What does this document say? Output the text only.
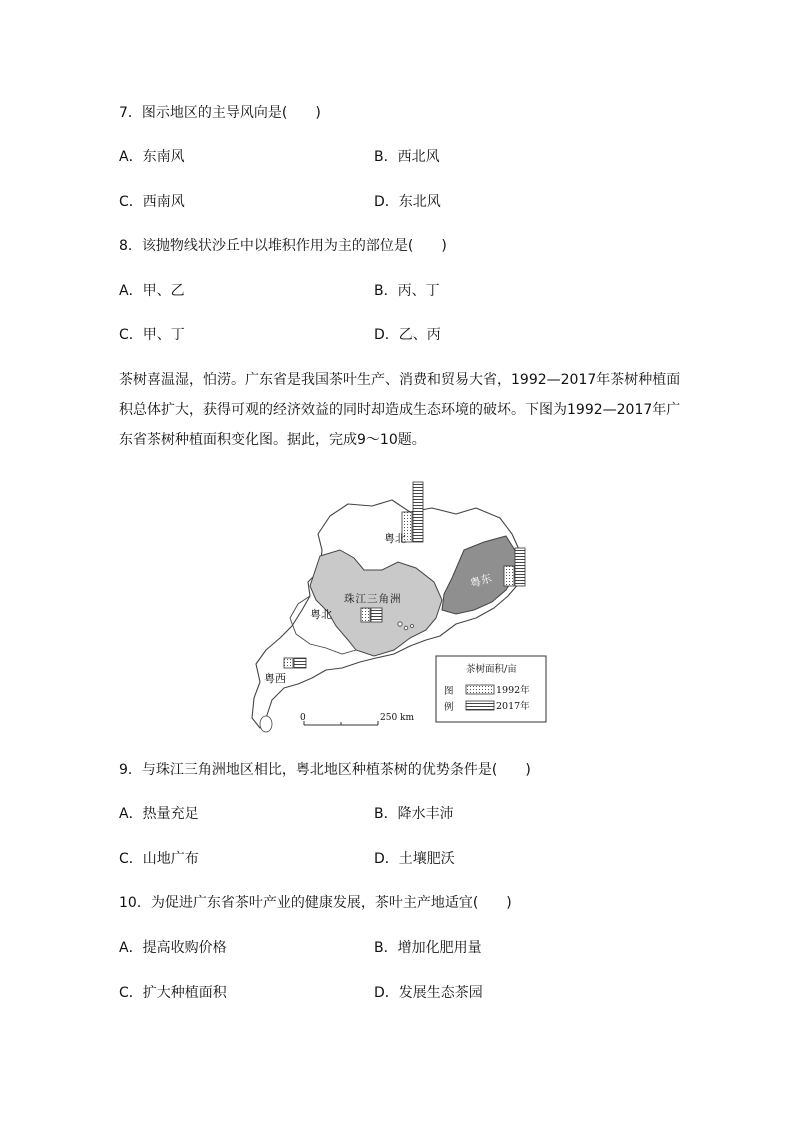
7．图示地区的主导风向是(　　)
A．东南风	B．西北风
C．西南风	D．东北风
8．该抛物线状沙丘中以堆积作用为主的部位是(　　)
A．甲、乙	B．丙、丁
C．甲、丁	D．乙、丙
茶树喜温湿，怕涝。广东省是我国茶叶生产、消费和贸易大省，1992—2017年茶树种植面
积总体扩大，获得可观的经济效益的同时却造成生态环境的破坏。下图为1992—2017年广
东省茶树种植面积变化图。据此，完成9～10题。
粤北
珠江三角洲
粤北
粤东
粤西
0	250 km
茶树面积/亩
图
例
1992年
2017年
9．与珠江三角洲地区相比，粤北地区种植茶树的优势条件是(　　)
A．热量充足	B．降水丰沛
C．山地广布	D．土壤肥沃
10．为促进广东省茶叶产业的健康发展，茶叶主产地适宜(　　)
A．提高收购价格	B．增加化肥用量
C．扩大种植面积	D．发展生态茶园
